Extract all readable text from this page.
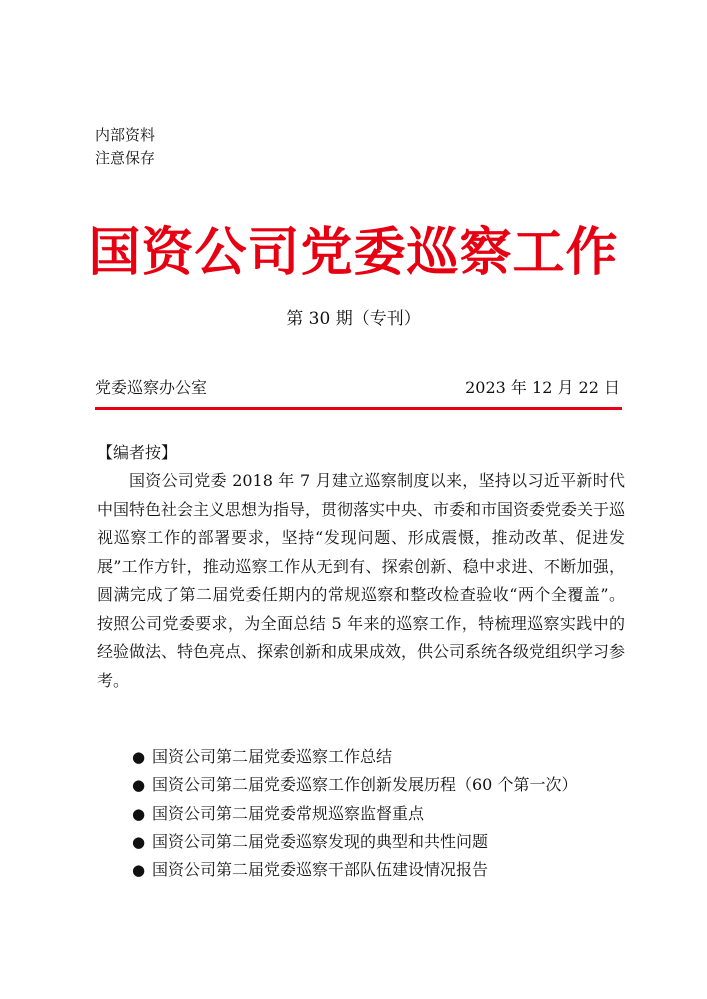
内部资料
注意保存
国资公司党委巡察工作
第 30 期（专刊）
党委巡察办公室	2023 年 12 月 22 日
【编者按】

国资公司党委 2018 年 7 月建立巡察制度以来，坚持以习近平新时代中国特色社会主义思想为指导，贯彻落实中央、市委和市国资委党委关于巡视巡察工作的部署要求，坚持“发现问题、形成震慑，推动改革、促进发展”工作方针，推动巡察工作从无到有、探索创新、稳中求进、不断加强，圆满完成了第二届党委任期内的常规巡察和整改检查验收“两个全覆盖”。按照公司党委要求，为全面总结 5 年来的巡察工作，特梳理巡察实践中的经验做法、特色亮点、探索创新和成果成效，供公司系统各级党组织学习参考。

● 国资公司第二届党委巡察工作总结
● 国资公司第二届党委巡察工作创新发展历程（60 个第一次）
● 国资公司第二届党委常规巡察监督重点
● 国资公司第二届党委巡察发现的典型和共性问题
● 国资公司第二届党委巡察干部队伍建设情况报告
